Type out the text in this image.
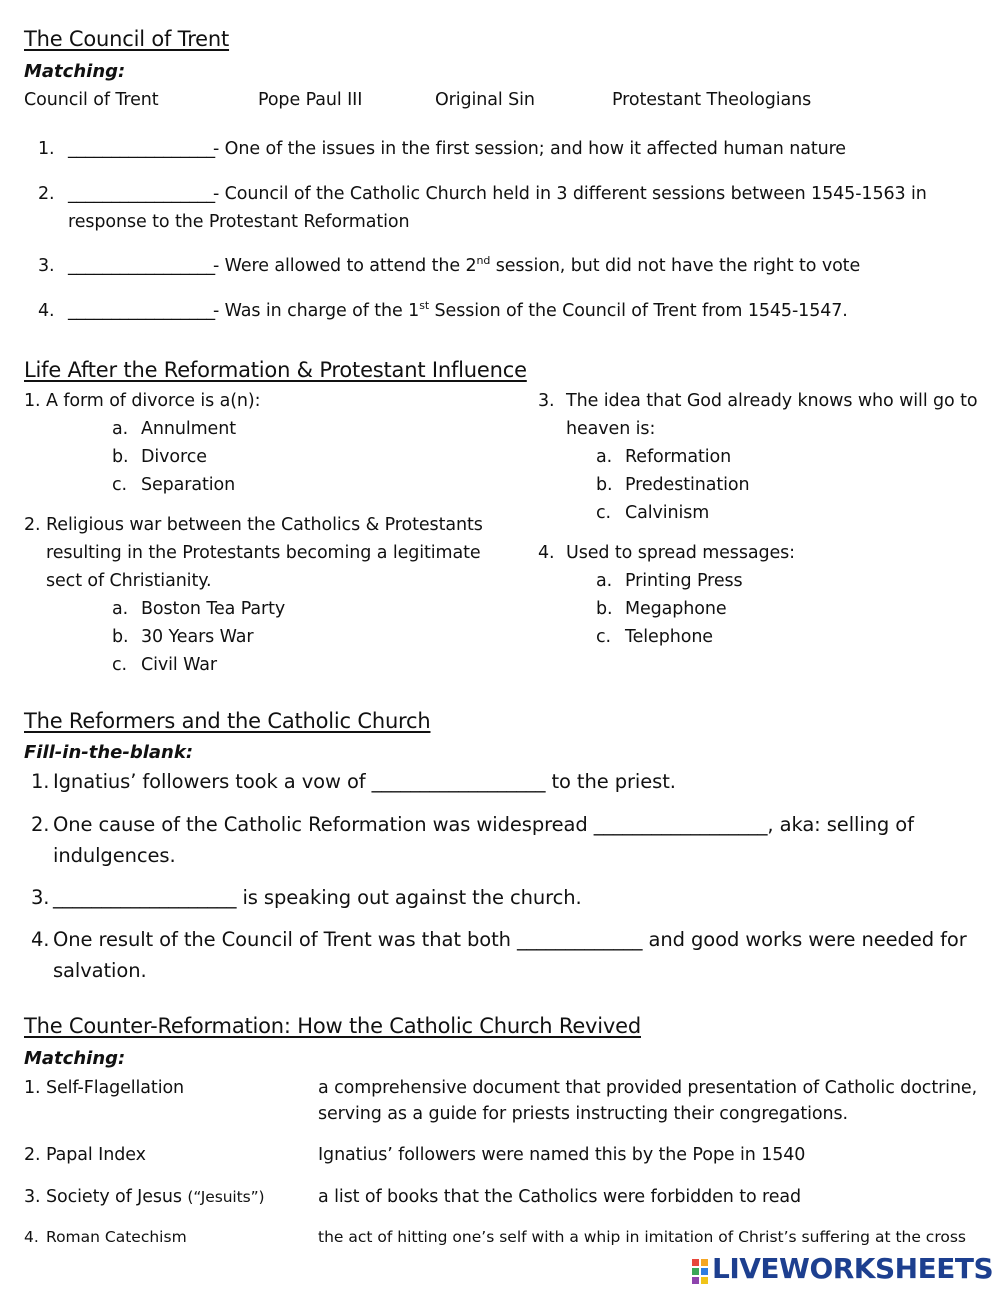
The Council of Trent
Matching:
Council of Trent	Pope Paul III	Original Sin	Protestant Theologians
1. _________________
- One of the issues in the first session; and how it affected human nature
2. _________________
- Council of the Catholic Church held in 3 different sessions between 1545-1563 in
response to the Protestant Reformation
3. _________________
- Were allowed to attend the 2nd session, but did not have the right to vote
4. _________________
- Was in charge of the 1st Session of the Council of Trent from 1545-1547.
Life After the Reformation & Protestant Influence
1. A form of divorce is a(n):
a. Annulment
b. Divorce
c. Separation
2. Religious war between the Catholics & Protestants
resulting in the Protestants becoming a legitimate
sect of Christianity.
a. Boston Tea Party
b. 30 Years War
c. Civil War
3. The idea that God already knows who will go to
heaven is:
a. Reformation
b. Predestination
c. Calvinism
4. Used to spread messages:
a. Printing Press
b. Megaphone
c. Telephone
The Reformers and the Catholic Church
Fill-in-the-blank:
1. Ignatius’ followers took a vow of __________________ to the priest.
2. One cause of the Catholic Reformation was widespread __________________, aka: selling of
indulgences.
3. ___________________ is speaking out against the church.
4. One result of the Council of Trent was that both _____________ and good works were needed for
salvation.
The Counter-Reformation: How the Catholic Church Revived
Matching:
1. Self-Flagellation	a comprehensive document that provided presentation of Catholic doctrine,
serving as a guide for priests instructing their congregations.
2. Papal Index	Ignatius’ followers were named this by the Pope in 1540
3. Society of Jesus (“Jesuits”)	a list of books that the Catholics were forbidden to read
4. Roman Catechism	the act of hitting one’s self with a whip in imitation of Christ’s suffering at the cross
LIVEWORKSHEETS
